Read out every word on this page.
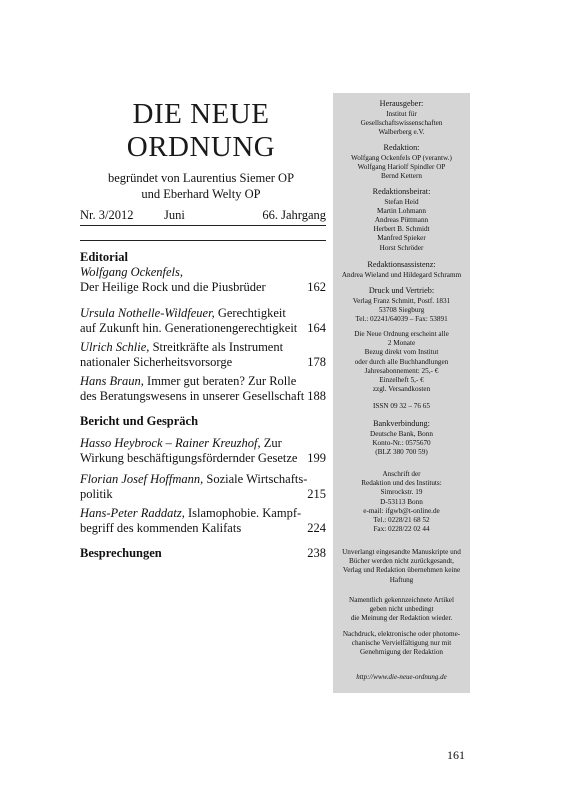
DIE NEUE
ORDNUNG
begründet von Laurentius Siemer OP
und Eberhard Welty OP
Nr. 3/2012 Juni	66. Jahrgang
Editorial
Wolfgang Ockenfels,
Der Heilige Rock und die Piusbrüder	162
Ursula Nothelle-Wildfeuer, Gerechtigkeit
auf Zukunft hin. Generationengerechtigkeit 164
Ulrich Schlie, Streitkräfte als Instrument
nationaler Sicherheitsvorsorge	178
Hans Braun, Immer gut beraten? Zur Rolle
des Beratungswesens in unserer Gesellschaft 188
Bericht und Gespräch
Hasso Heybrock – Rainer Kreuzhof, Zur
Wirkung beschäftigungsfördernder Gesetze 199
Florian Josef Hoffmann, Soziale Wirtschafts-
politik	215
Hans-Peter Raddatz, Islamophobie. Kampf-
begriff des kommenden Kalifats	224
Besprechungen	238
Herausgeber:
Institut für
Gesellschaftswissenschaften
Walberberg e.V.
Redaktion:
Wolfgang Ockenfels OP (verantw.)
Wolfgang Hariolf Spindler OP
Bernd Kettern
Redaktionsbeirat:
Stefan Heid
Martin Lohmann
Andreas Püttmann
Herbert B. Schmidt
Manfred Spieker
Horst Schröder
Redaktionsassistenz:
Andrea Wieland und Hildegard Schramm
Druck und Vertrieb:
Verlag Franz Schmitt, Postf. 1831
53708 Siegburg
Tel.: 02241/64039 – Fax: 53891
Die Neue Ordnung erscheint alle
2 Monate
Bezug direkt vom Institut
oder durch alle Buchhandlungen
Jahresabonnement: 25,- €
Einzelheft 5,- €
zzgl. Versandkosten
ISSN 09 32 – 76 65
Bankverbindung:
Deutsche Bank, Bonn
Konto-Nr.: 0575670
(BLZ 380 700 59)
Anschrift der
Redaktion und des Instituts:
Simrockstr. 19
D-53113 Bonn
e-mail: ifgwb@t-online.de
Tel.: 0228/21 68 52
Fax: 0228/22 02 44
Unverlangt eingesandte Manuskripte und
Bücher werden nicht zurückgesandt,
Verlag und Redaktion übernehmen keine
Haftung
Namentlich gekennzeichnete Artikel
geben nicht unbedingt
die Meinung der Redaktion wieder.
Nachdruck, elektronische oder photome-
chanische Vervielfältigung nur mit
Genehmigung der Redaktion
http://www.die-neue-ordnung.de
161
